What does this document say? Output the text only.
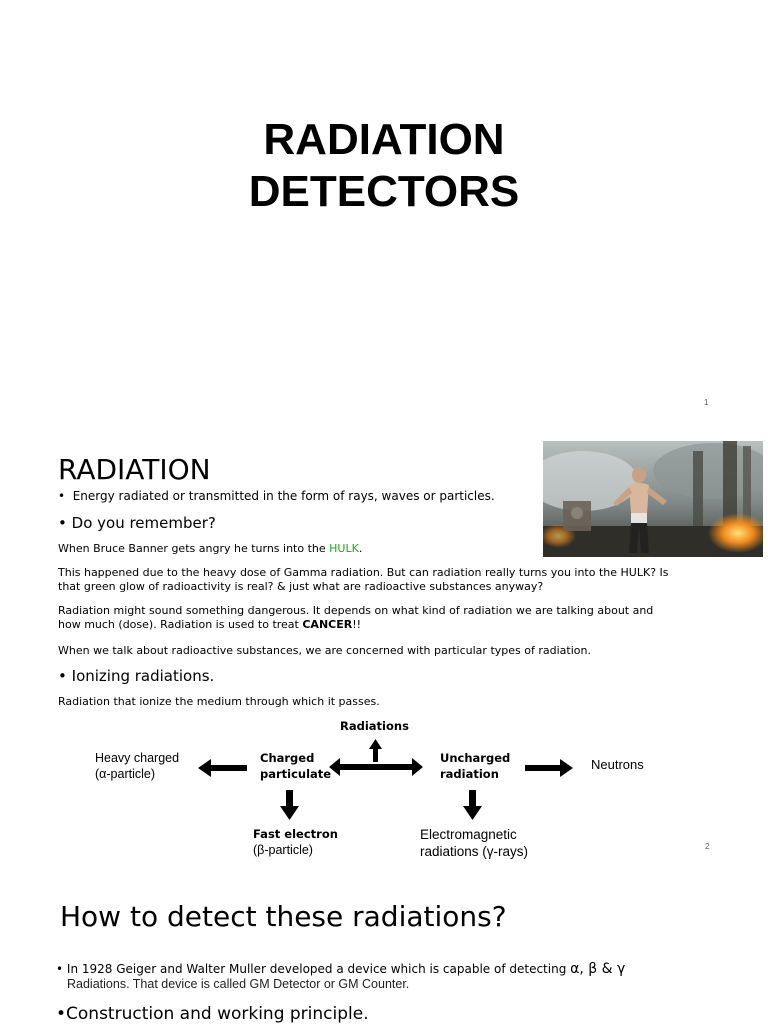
RADIATION
DETECTORS
1
RADIATION
• Energy radiated or transmitted in the form of rays, waves or particles.
• Do you remember?
When Bruce Banner gets angry he turns into the HULK.
This happened due to the heavy dose of Gamma radiation. But can radiation really turns you into the HULK? Is
that green glow of radioactivity is real? & just what are radioactive substances anyway?
Radiation might sound something dangerous. It depends on what kind of radiation we are talking about and
how much (dose). Radiation is used to treat CANCER!!
When we talk about radioactive substances, we are concerned with particular types of radiation.
• Ionizing radiations.
Radiation that ionize the medium through which it passes.
Radiations
Heavy charged
(α-particle)
Charged
particulate
Uncharged
radiation
Neutrons
Fast electron
(β-particle)
Electromagnetic
radiations (γ-rays)	2
How to detect these radiations?
• In 1928 Geiger and Walter Muller developed a device which is capable of detecting α, β & γ
Radiations. That device is called GM Detector or GM Counter.
•Construction and working principle.
